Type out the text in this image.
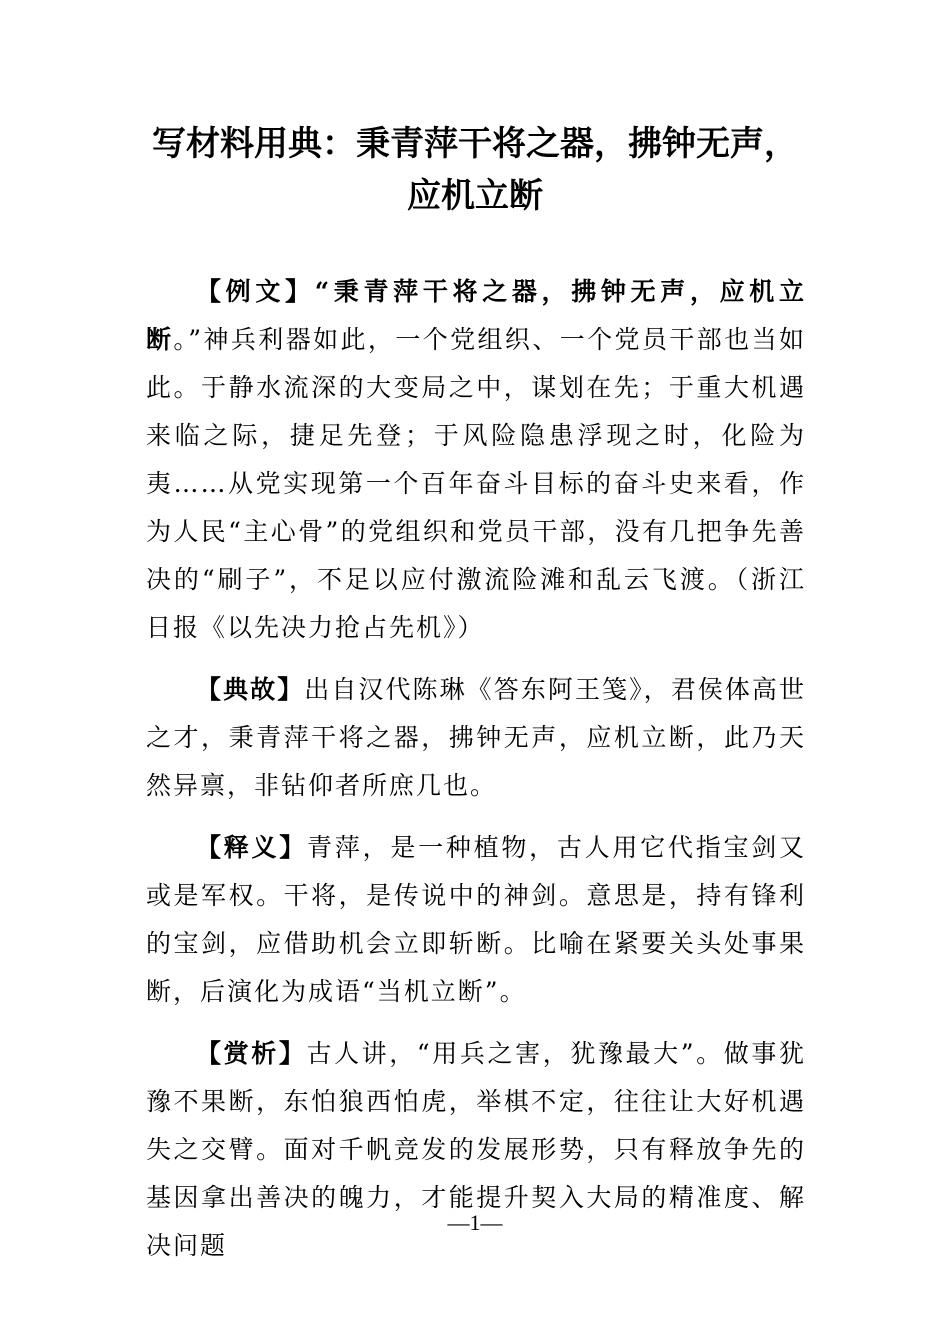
写材料用典：秉青萍干将之器，拂钟无声，应机立断

【例文】“秉青萍干将之器，拂钟无声，应机立断。”神兵利器如此，一个党组织、一个党员干部也当如此。于静水流深的大变局之中，谋划在先；于重大机遇来临之际，捷足先登；于风险隐患浮现之时，化险为夷……从党实现第一个百年奋斗目标的奋斗史来看，作为人民“主心骨”的党组织和党员干部，没有几把争先善决的“刷子”，不足以应付激流险滩和乱云飞渡。（浙江日报《以先决力抢占先机》）

【典故】出自汉代陈琳《答东阿王笺》，君侯体高世之才，秉青萍干将之器，拂钟无声，应机立断，此乃天然异禀，非钻仰者所庶几也。

【释义】青萍，是一种植物，古人用它代指宝剑又或是军权。干将，是传说中的神剑。意思是，持有锋利的宝剑，应借助机会立即斩断。比喻在紧要关头处事果断，后演化为成语“当机立断”。

【赏析】古人讲，“用兵之害，犹豫最大”。做事犹豫不果断，东怕狼西怕虎，举棋不定，往往让大好机遇失之交臂。面对千帆竞发的发展形势，只有释放争先的基因拿出善决的魄力，才能提升契入大局的精准度、解决问题

—1—
